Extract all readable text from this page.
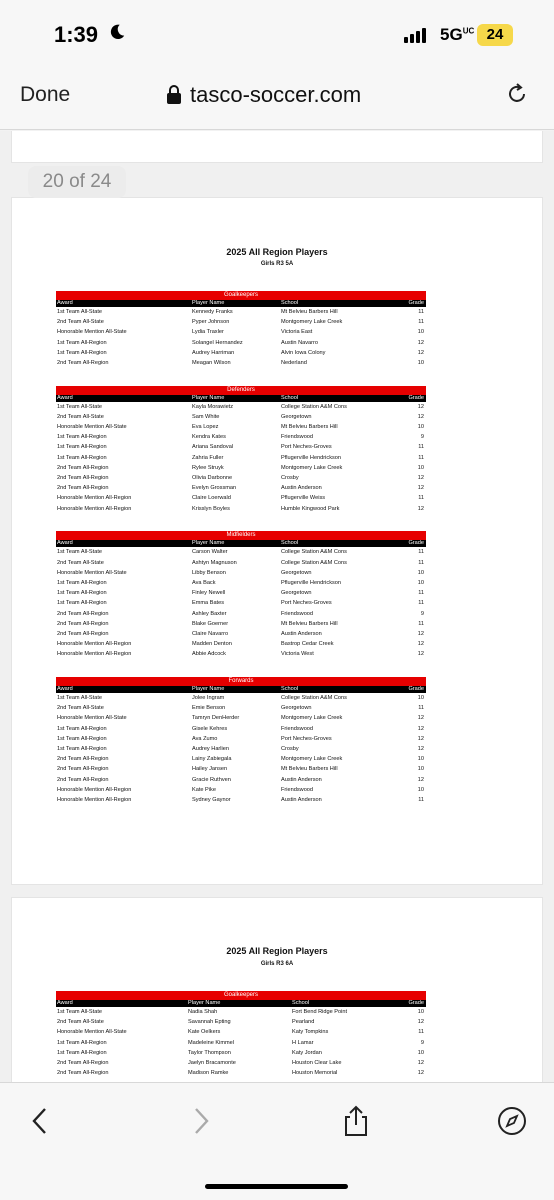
1:39	$5G^{UC}$ 24
Done	tasco-soccer.com
20 of 24
2025 All Region Players
Girls R3 5A
Goalkeepers
Award	Player Name	School	Grade
1st Team All-State	Kennedy Franks	Mt Belvieu Barbers Hill	11
2nd Team All-State	Pyper Johnson	Montgomery Lake Creek	11
Honorable Mention All-State	Lydia Traxler	Victoria East	10
1st Team All-Region	Solangel Hernandez	Austin Navarro	12
1st Team All-Region	Audrey Harriman	Alvin Iowa Colony	12
2nd Team All-Region	Meagan Wilson	Nederland	10
Defenders
Award	Player Name	School	Grade
1st Team All-State	Kayla Morawietz	College Station A&M Cons	12
2nd Team All-State	Sam White	Georgetown	12
Honorable Mention All-State	Eva Lopez	Mt Belvieu Barbers Hill	10
1st Team All-Region	Kendra Kates	Friendswood	9
1st Team All-Region	Ariana Sandoval	Port Neches-Groves	11
1st Team All-Region	Zahria Fuller	Pflugerville Hendrickson	11
2nd Team All-Region	Rylee Struyk	Montgomery Lake Creek	10
2nd Team All-Region	Olivia Darbonne	Crosby	12
2nd Team All-Region	Evelyn Grossman	Austin Anderson	12
Honorable Mention All-Region	Claire Loerwald	Pflugerville Weiss	11
Honorable Mention All-Region	Krisslyn Boyles	Humble Kingwood Park	12
Midfielders
Award	Player Name	School	Grade
1st Team All-State	Carson Walter	College Station A&M Cons	11
2nd Team All-State	Ashtyn Magnuson	College Station A&M Cons	11
Honorable Mention All-State	Libby Benson	Georgetown	10
1st Team All-Region	Ava Back	Pflugerville Hendrickson	10
1st Team All-Region	Finley Newell	Georgetown	11
1st Team All-Region	Emma Bates	Port Neches-Groves	11
2nd Team All-Region	Ashley Baxter	Friendswood	9
2nd Team All-Region	Blake Goerner	Mt Belvieu Barbers Hill	11
2nd Team All-Region	Claire Navarro	Austin Anderson	12
Honorable Mention All-Region	Madden Denton	Bastrop Cedar Creek	12
Honorable Mention All-Region	Abbie Adcock	Victoria West	12
Forwards
Award	Player Name	School	Grade
1st Team All-State	Jolee Ingram	College Station A&M Cons	10
2nd Team All-State	Emie Benson	Georgetown	11
Honorable Mention All-State	Tamryn DenHerder	Montgomery Lake Creek	12
1st Team All-Region	Gisele Kehres	Friendswood	12
1st Team All-Region	Ava Zumo	Port Neches-Groves	12
1st Team All-Region	Audrey Harlien	Crosby	12
2nd Team All-Region	Lainy Zabiegala	Montgomery Lake Creek	10
2nd Team All-Region	Hailey Jansen	Mt Belvieu Barbers Hill	10
2nd Team All-Region	Gracie Ruthven	Austin Anderson	12
Honorable Mention All-Region	Kate Pike	Friendswood	10
Honorable Mention All-Region	Sydney Gaynor	Austin Anderson	11
2025 All Region Players
Girls R3 6A
Goalkeepers
Award	Player Name	School	Grade
1st Team All-State	Nadia Shah	Fort Bend Ridge Point	10
2nd Team All-State	Savannah Epting	Pearland	12
Honorable Mention All-State	Kate Oelkers	Katy Tompkins	11
1st Team All-Region	Madeleine Kimmel	H Lamar	9
1st Team All-Region	Taylor Thompson	Katy Jordan	10
2nd Team All-Region	Jaelyn Bracamonte	Houston Clear Lake	12
2nd Team All-Region	Madison Ramke	Houston Memorial	12
